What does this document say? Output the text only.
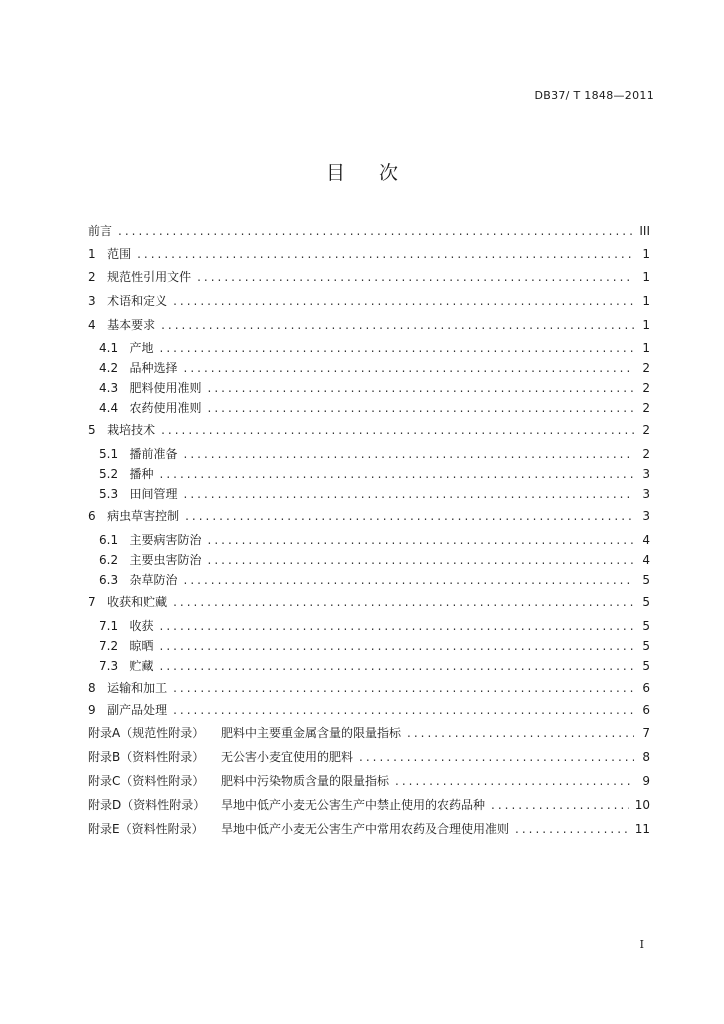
DB37/ T 1848—2011
目次
前言 .....	III
1 范围 .....	1
2 规范性引用文件 .....	1
3 术语和定义 .....	1
4 基本要求 .....	1
4.1 产地 .....	1
4.2 品种选择 .....	2
4.3 肥料使用准则 .....	2
4.4 农药使用准则 .....	2
5 栽培技术 .....	2
5.1 播前准备 .....	2
5.2 播种 .....	3
5.3 田间管理 .....	3
6 病虫草害控制 .....	3
6.1 主要病害防治 .....	4
6.2 主要虫害防治 .....	4
6.3 杂草防治 .....	5
7 收获和贮藏 .....	5
7.1 收获 .....	5
7.2 晾晒 .....	5
7.3 贮藏 .....	5
8 运输和加工 .....	6
9 副产品处理 .....	6
附录A（规范性附录）	肥料中主要重金属含量的限量指标 .....	7
附录B（资料性附录）	无公害小麦宜使用的肥料 .....	8
附录C（资料性附录）	肥料中污染物质含量的限量指标 .....	9
附录D（资料性附录）	旱地中低产小麦无公害生产中禁止使用的农药品种 .....	10
附录E（资料性附录）	旱地中低产小麦无公害生产中常用农药及合理使用准则 .....	11
I
